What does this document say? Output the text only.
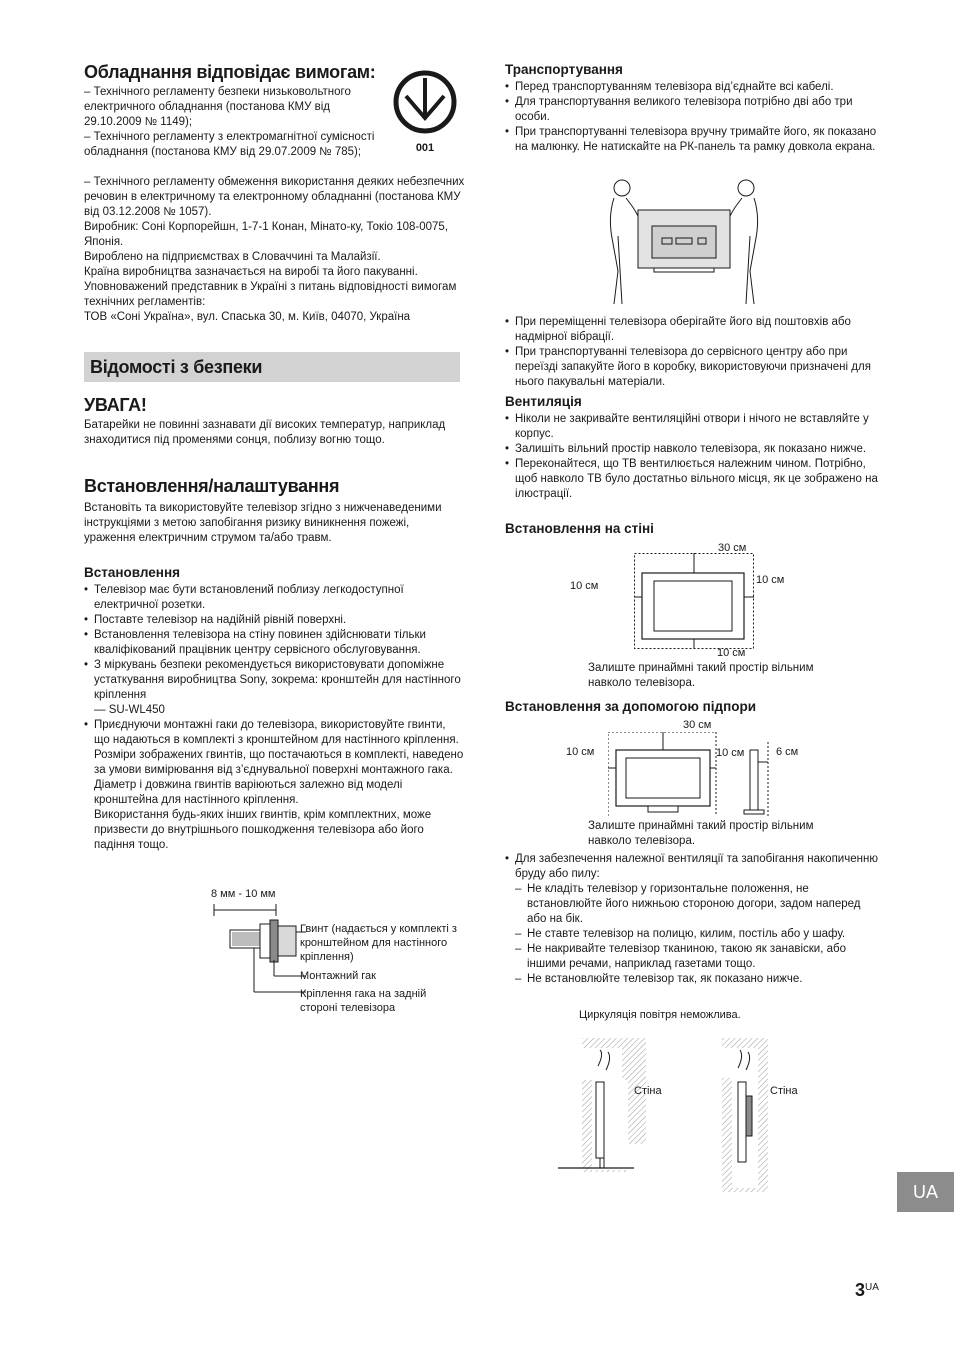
Обладнання відповідає вимогам:
001

– Технічного регламенту безпеки низьковольтного електричного обладнання (постанова КМУ від 29.10.2009 № 1149);

– Технічного регламенту з електромагнітної сумісності обладнання (постанова КМУ від 29.07.2009 № 785);

– Технічного регламенту обмеження використання деяких небезпечних речовин в електричному та електронному обладнанні (постанова КМУ від 03.12.2008 № 1057).

Виробник: Соні Корпорейшн, 1-7-1 Конан, Мінато-ку, Токіо 108-0075, Японія.

Вироблено на підприємствах в Словаччині та Малайзії.

Країна виробництва зазначається на виробі та його пакуванні.

Уповноважений представник в Україні з питань відповідності вимогам технічних регламентів:

ТОВ «Соні Україна», вул. Спаська 30, м. Київ, 04070, Україна

Відомості з безпеки
УВАГА!
Батарейки не повинні зазнавати дії високих температур, наприклад знаходитися під променями сонця, поблизу вогню тощо.
Встановлення/налаштування
Встановіть та використовуйте телевізор згідно з нижченаведеними інструкціями з метою запобігання ризику виникнення пожежі, ураження електричним струмом та/або травм.
Встановлення
• Телевізор має бути встановлений поблизу легкодоступної електричної розетки.
• Поставте телевізор на надійній рівній поверхні.
• Встановлення телевізора на стіну повинен здійснювати тільки кваліфікований працівник центру сервісного обслуговування.
• З міркувань безпеки рекомендується використовувати допоміжне устаткування виробництва Sony, зокрема: кронштейн для настінного кріплення
— SU-WL450
• Приєднуючи монтажні гаки до телевізора, використовуйте гвинти, що надаються в комплекті з кронштейном для настінного кріплення. Розміри зображених гвинтів, що постачаються в комплекті, наведено за умови вимірювання від з’єднувальної поверхні монтажного гака.
Діаметр і довжина гвинтів варіюються залежно від моделі кронштейна для настінного кріплення.
Використання будь-яких інших гвинтів, крім комплектних, може призвести до внутрішнього пошкодження телевізора або його падіння тощо.
8 мм - 10 мм
Гвинт (надається у комплекті з кронштейном для настінного кріплення)
Монтажний гак
Кріплення гака на задній стороні телевізора
Транспортування
• Перед транспортуванням телевізора від’єднайте всі кабелі.
• Для транспортування великого телевізора потрібно дві або три особи.
• При транспортуванні телевізора вручну тримайте його, як показано на малюнку. Не натискайте на РК-панель та рамку довкола екрана.
• При переміщенні телевізора оберігайте його від поштовхів або надмірної вібрації.
• При транспортуванні телевізора до сервісного центру або при переїзді запакуйте його в коробку, використовуючи призначені для нього пакувальні матеріали.
Вентиляція
• Ніколи не закривайте вентиляційні отвори і нічого не вставляйте у корпус.
• Залишіть вільний простір навколо телевізора, як показано нижче.
• Переконайтеся, що ТВ вентилюється належним чином. Потрібно, щоб навколо ТВ було достатньо вільного місця, як це зображено на ілюстрації.
Встановлення на стіні
30 см
10 см	10 см
10 см
Залиште принаймні такий простір вільним навколо телевізора.
Встановлення за допомогою підпори
30 см
10 см	10 см	6 см
Залиште принаймні такий простір вільним навколо телевізора.
• Для забезпечення належної вентиляції та запобігання накопиченню бруду або пилу:
– Не кладіть телевізор у горизонтальне положення, не встановлюйте його нижньою стороною догори, задом наперед або на бік.
– Не ставте телевізор на полицю, килим, постіль або у шафу.
– Не накривайте телевізор тканиною, такою як занавіски, або іншими речами, наприклад газетами тощо.
– Не встановлюйте телевізор так, як показано нижче.
Циркуляція повітря неможлива.
Стіна	Стіна
UA
$3^{UA}$
